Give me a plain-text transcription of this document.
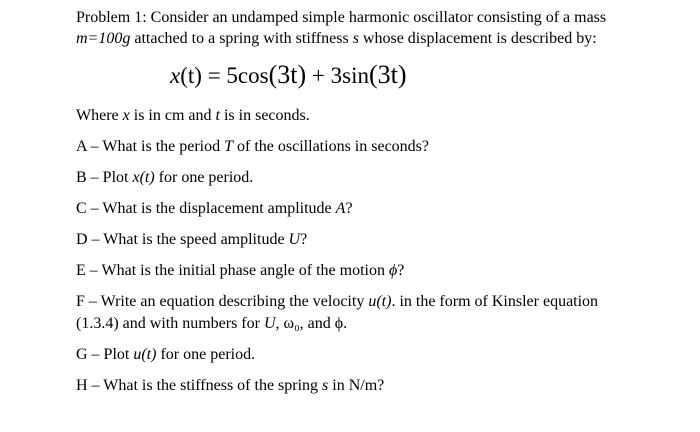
Problem 1: Consider an undamped simple harmonic oscillator consisting of a mass
m=100g attached to a spring with stiffness s whose displacement is described by:
x(t) = 5cos(3t) + 3sin(3t)
Where x is in cm and t is in seconds.
A – What is the period T of the oscillations in seconds?
B – Plot x(t) for one period.
C – What is the displacement amplitude A?
D – What is the speed amplitude U?
E – What is the initial phase angle of the motion ϕ?
F – Write an equation describing the velocity u(t). in the form of Kinsler equation
(1.3.4) and with numbers for U, ω₀, and ϕ.
G – Plot u(t) for one period.
H – What is the stiffness of the spring s in N/m?
